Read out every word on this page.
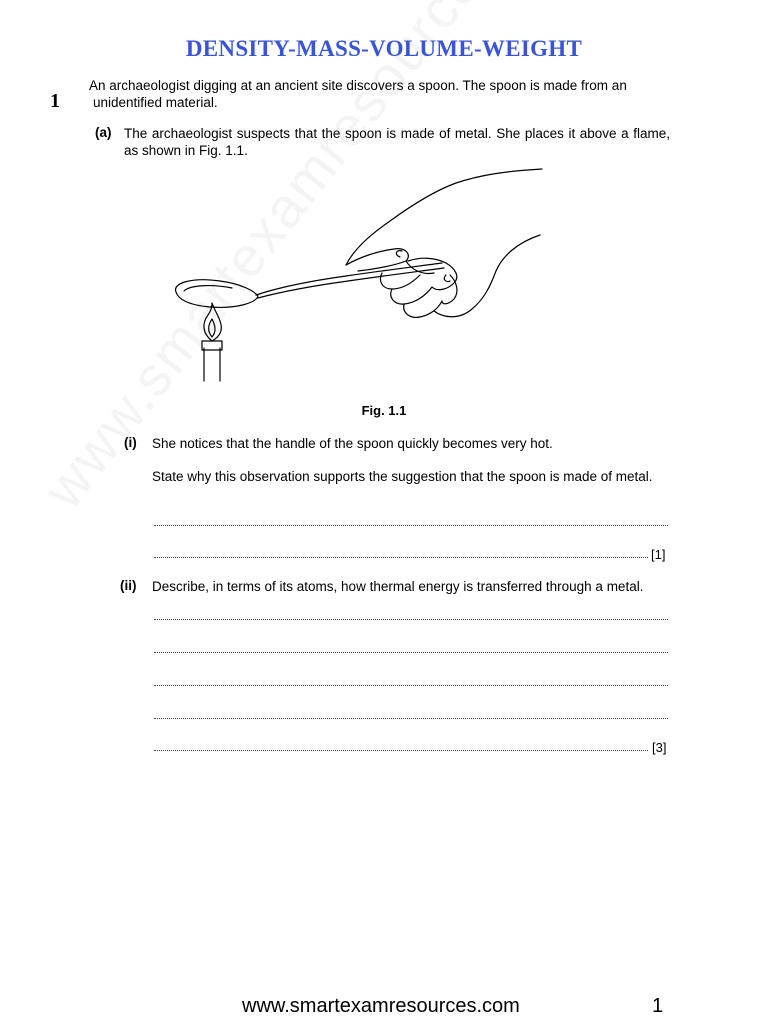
DENSITY-MASS-VOLUME-WEIGHT
1
An archaeologist digging at an ancient site discovers a spoon. The spoon is made from an
unidentified material.
(a) The archaeologist suspects that the spoon is made of metal. She places it above a flame, as shown in Fig. 1.1.
Fig. 1.1
(i) She notices that the handle of the spoon quickly becomes very hot.
State why this observation supports the suggestion that the spoon is made of metal.
[1]
(ii) Describe, in terms of its atoms, how thermal energy is transferred through a metal.
[3]
www.smartexamresources.com	1
